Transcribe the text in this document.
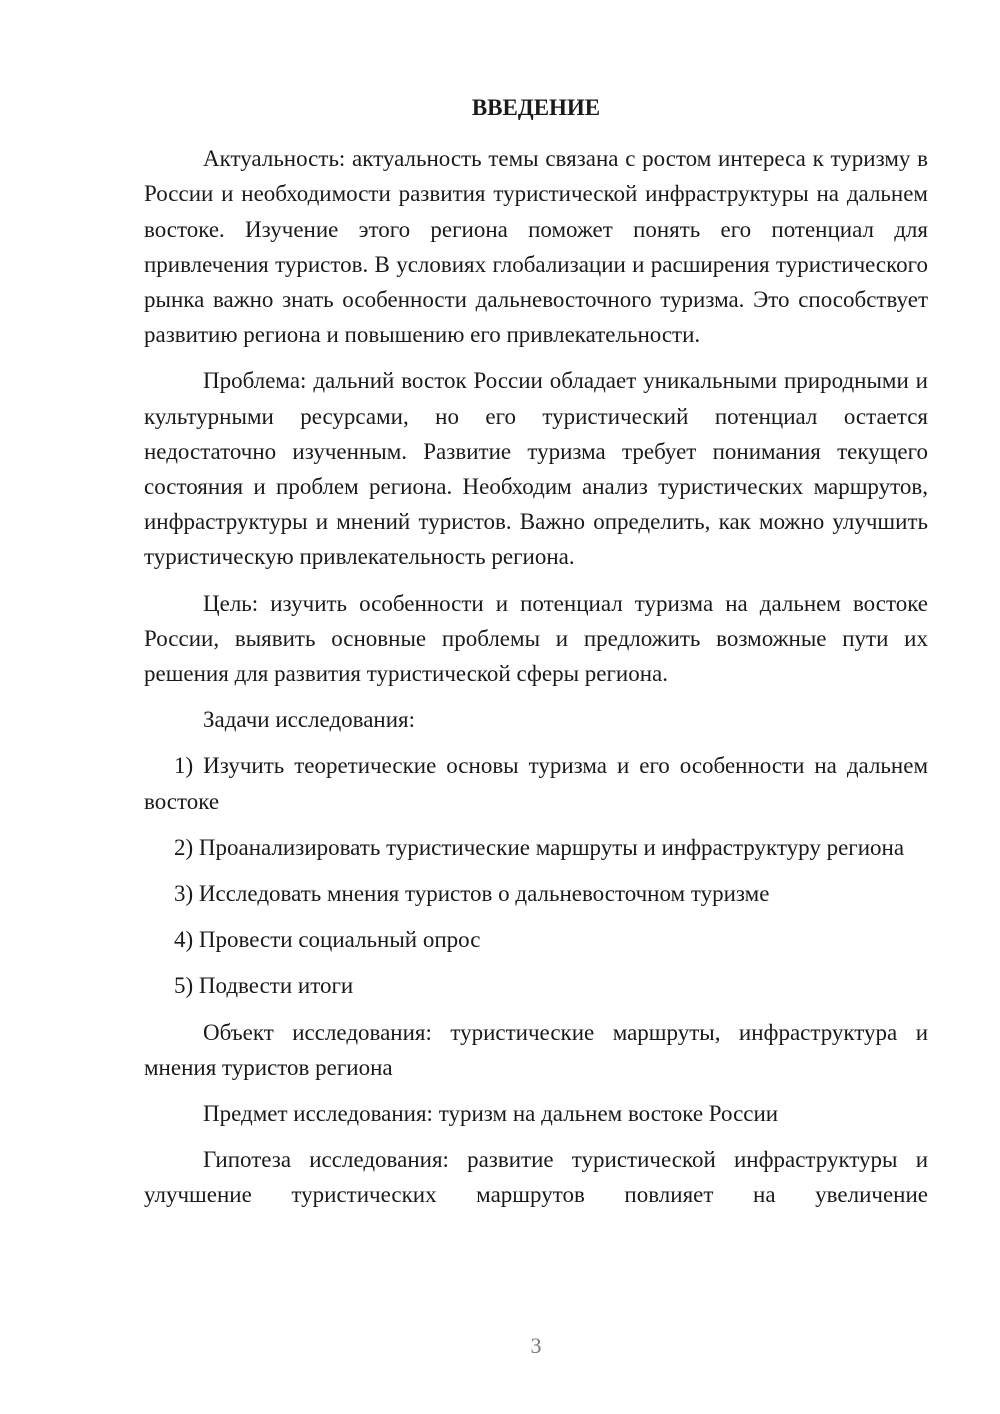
ВВЕДЕНИЕ

Актуальность: актуальность темы связана с ростом интереса к туризму в России и необходимости развития туристической инфраструктуры на дальнем востоке. Изучение этого региона поможет понять его потенциал для привлечения туристов. В условиях глобализации и расширения туристического рынка важно знать особенности дальневосточного туризма. Это способствует развитию региона и повышению его привлекательности.

Проблема: дальний восток России обладает уникальными природными и культурными ресурсами, но его туристический потенциал остается недостаточно изученным. Развитие туризма требует понимания текущего состояния и проблем региона. Необходим анализ туристических маршрутов, инфраструктуры и мнений туристов. Важно определить, как можно улучшить туристическую привлекательность региона.

Цель: изучить особенности и потенциал туризма на дальнем востоке России, выявить основные проблемы и предложить возможные пути их решения для развития туристической сферы региона.

Задачи исследования:

1) Изучить теоретические основы туризма и его особенности на дальнем востоке

2) Проанализировать туристические маршруты и инфраструктуру региона

3) Исследовать мнения туристов о дальневосточном туризме

4) Провести социальный опрос

5) Подвести итоги

Объект исследования: туристические маршруты, инфраструктура и мнения туристов региона

Предмет исследования: туризм на дальнем востоке России

Гипотеза исследования: развитие туристической инфраструктуры и улучшение туристических маршрутов повлияет на увеличение

3
